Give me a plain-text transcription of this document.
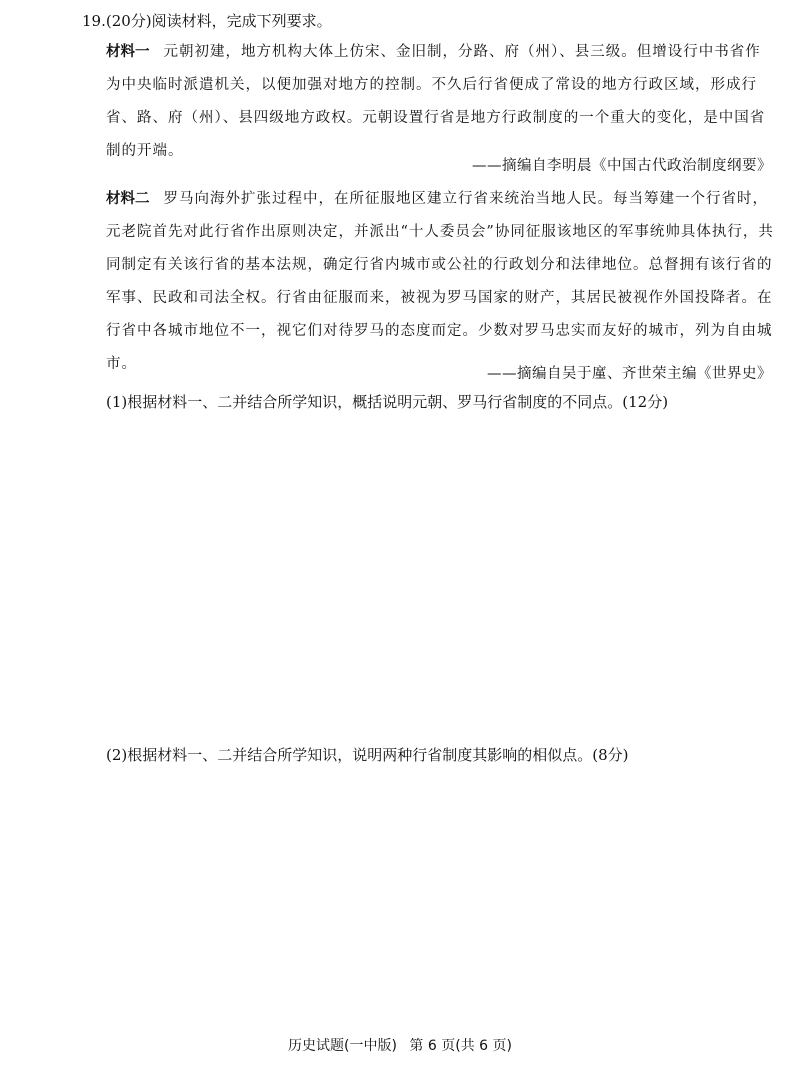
19.(20分)阅读材料，完成下列要求。
材料一 元朝初建，地方机构大体上仿宋、金旧制，分路、府（州）、县三级。但增设行中书省作为中央临时派遣机关，以便加强对地方的控制。不久后行省便成了常设的地方行政区域，形成行省、路、府（州）、县四级地方政权。元朝设置行省是地方行政制度的一个重大的变化，是中国省制的开端。
——摘编自李明晨《中国古代政治制度纲要》
材料二 罗马向海外扩张过程中，在所征服地区建立行省来统治当地人民。每当筹建一个行省时，元老院首先对此行省作出原则决定，并派出“十人委员会”协同征服该地区的军事统帅具体执行，共同制定有关该行省的基本法规，确定行省内城市或公社的行政划分和法律地位。总督拥有该行省的军事、民政和司法全权。行省由征服而来，被视为罗马国家的财产，其居民被视作外国投降者。在行省中各城市地位不一，视它们对待罗马的态度而定。少数对罗马忠实而友好的城市，列为自由城市。
——摘编自吴于廑、齐世荣主编《世界史》
(1)根据材料一、二并结合所学知识，概括说明元朝、罗马行省制度的不同点。(12分)
(2)根据材料一、二并结合所学知识，说明两种行省制度其影响的相似点。(8分)
历史试题(一中版) 第 6 页(共 6 页)
